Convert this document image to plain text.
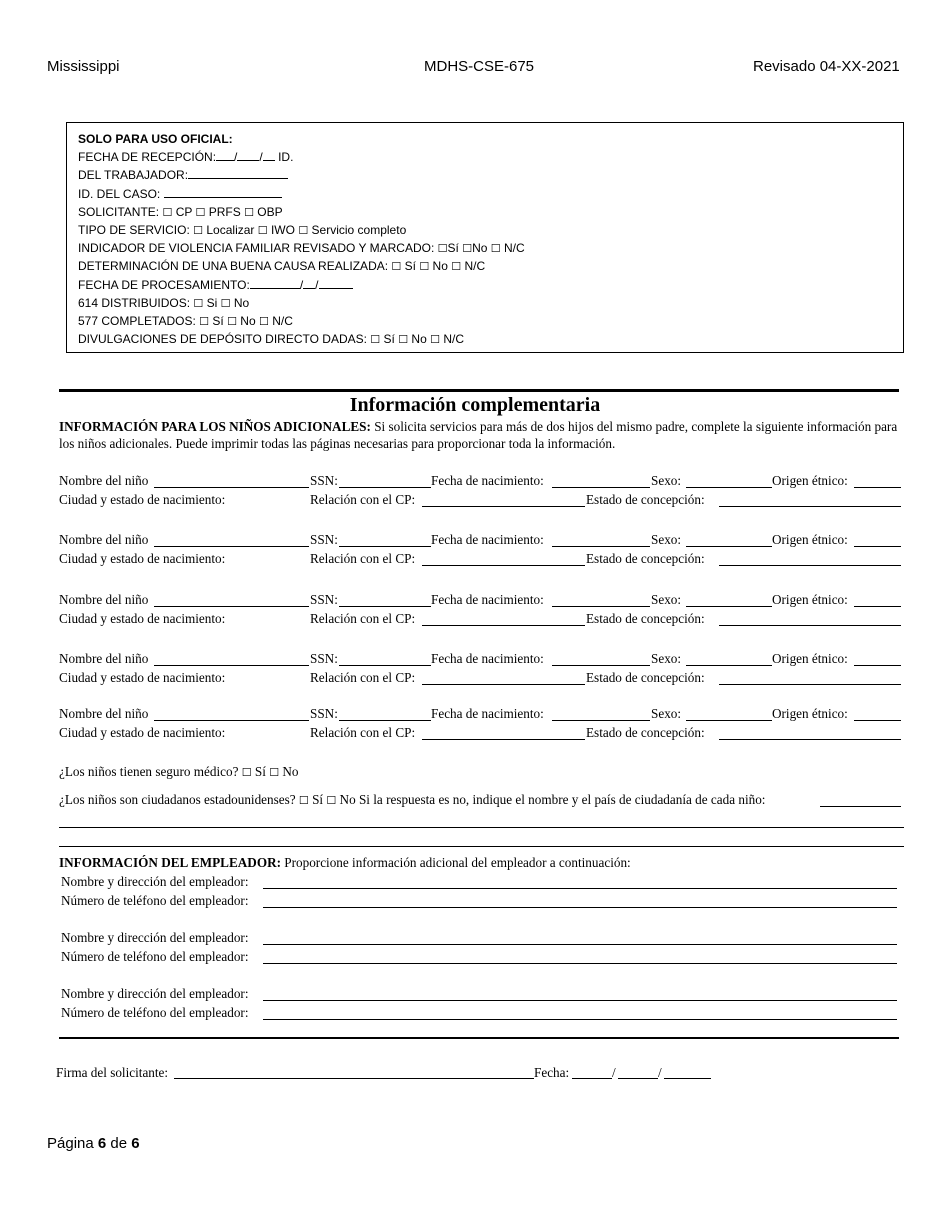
Mississippi	MDHS-CSE-675	Revisado 04-XX-2021
SOLO PARA USO OFICIAL:
FECHA DE RECEPCIÓN: / / ID.
DEL TRABAJADOR:
ID. DEL CASO:
SOLICITANTE: ☐ CP ☐ PRFS ☐ OBP
TIPO DE SERVICIO: ☐ Localizar ☐ IWO ☐ Servicio completo
INDICADOR DE VIOLENCIA FAMILIAR REVISADO Y MARCADO: ☐Sí ☐No ☐ N/C
DETERMINACIÓN DE UNA BUENA CAUSA REALIZADA: ☐ Sí ☐ No ☐ N/C
FECHA DE PROCESAMIENTO:	/ /
614 DISTRIBUIDOS: ☐ Si ☐ No
577 COMPLETADOS: ☐ Sí ☐ No ☐ N/C
DIVULGACIONES DE DEPÓSITO DIRECTO DADAS: ☐ Sí ☐ No ☐ N/C
Información complementaria
INFORMACIÓN PARA LOS NIÑOS ADICIONALES: Si solicita servicios para más de dos hijos del mismo padre, complete la siguiente información para los niños adicionales. Puede imprimir todas las páginas necesarias para proporcionar toda la información.
Nombre del niño	SSN:	Fecha de nacimiento:	Sexo:	Origen étnico:
Ciudad y estado de nacimiento:	Relación con el CP:	Estado de concepción:
Nombre del niño	SSN:	Fecha de nacimiento:	Sexo:	Origen étnico:
Ciudad y estado de nacimiento:	Relación con el CP:	Estado de concepción:
Nombre del niño	SSN:	Fecha de nacimiento:	Sexo:	Origen étnico:
Ciudad y estado de nacimiento:	Relación con el CP:	Estado de concepción:
Nombre del niño	SSN:	Fecha de nacimiento:	Sexo:	Origen étnico:
Ciudad y estado de nacimiento:	Relación con el CP:	Estado de concepción:
Nombre del niño	SSN:	Fecha de nacimiento:	Sexo:	Origen étnico:
Ciudad y estado de nacimiento:	Relación con el CP:	Estado de concepción:
¿Los niños tienen seguro médico? ☐ Sí ☐ No
¿Los niños son ciudadanos estadounidenses? ☐ Sí ☐ No Si la respuesta es no, indique el nombre y el país de ciudadanía de cada niño:
INFORMACIÓN DEL EMPLEADOR: Proporcione información adicional del empleador a continuación:
Nombre y dirección del empleador:
Número de teléfono del empleador:
Nombre y dirección del empleador:
Número de teléfono del empleador:
Nombre y dirección del empleador:
Número de teléfono del empleador:
Firma del solicitante:	Fecha:	/	/
Página 6 de 6
